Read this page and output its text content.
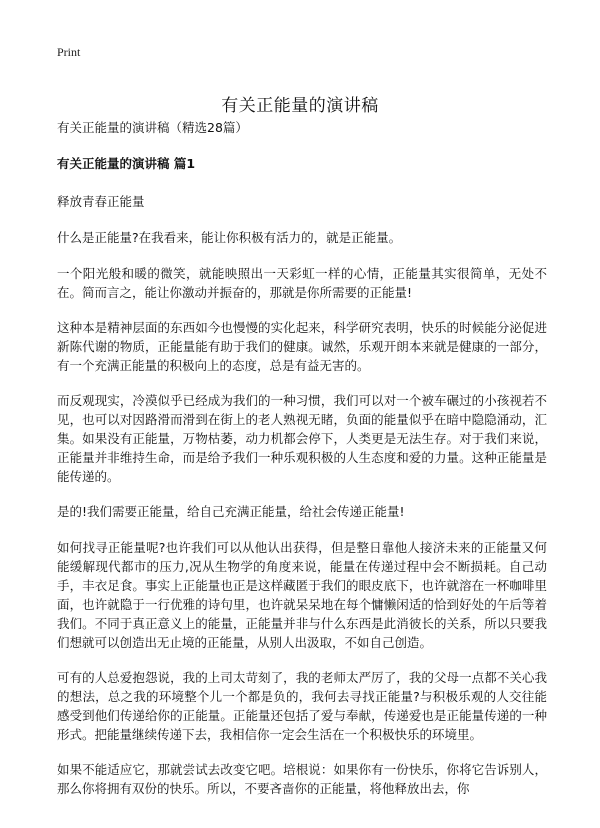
Print
有关正能量的演讲稿

有关正能量的演讲稿（精选28篇）

有关正能量的演讲稿 篇1

释放青春正能量

什么是正能量?在我看来，能让你积极有活力的，就是正能量。

一个阳光般和暖的微笑，就能映照出一天彩虹一样的心情，正能量其实很简单，无处不在。简而言之，能让你激动并振奋的，那就是你所需要的正能量!

这种本是精神层面的东西如今也慢慢的实化起来，科学研究表明，快乐的时候能分泌促进新陈代谢的物质，正能量能有助于我们的健康。诚然，乐观开朗本来就是健康的一部分，有一个充满正能量的积极向上的态度，总是有益无害的。

而反观现实，冷漠似乎已经成为我们的一种习惯，我们可以对一个被车碾过的小孩视若不见，也可以对因路滑而滑到在街上的老人熟视无睹，负面的能量似乎在暗中隐隐涌动，汇集。如果没有正能量，万物枯萎，动力机都会停下，人类更是无法生存。对于我们来说，正能量并非维持生命，而是给予我们一种乐观积极的人生态度和爱的力量。这种正能量是能传递的。

是的!我们需要正能量，给自己充满正能量，给社会传递正能量!

如何找寻正能量呢?也许我们可以从他认出获得，但是整日靠他人接济未来的正能量又何能缓解现代都市的压力,况从生物学的角度来说，能量在传递过程中会不断损耗。自己动手，丰衣足食。事实上正能量也正是这样藏匿于我们的眼皮底下，也许就溶在一杯咖啡里面，也许就隐于一行优雅的诗句里，也许就呆呆地在每个慵懒闲适的恰到好处的午后等着我们。不同于真正意义上的能量，正能量并非与什么东西是此消彼长的关系，所以只要我们想就可以创造出无止境的正能量，从别人出汲取，不如自己创造。

可有的人总爱抱怨说，我的上司太苛刻了，我的老师太严厉了，我的父母一点都不关心我的想法，总之我的环境整个儿一个都是负的，我何去寻找正能量?与积极乐观的人交往能感受到他们传递给你的正能量。正能量还包括了爱与奉献，传递爱也是正能量传递的一种形式。把能量继续传递下去，我相信你一定会生活在一个积极快乐的环境里。

如果不能适应它，那就尝试去改变它吧。培根说：如果你有一份快乐，你将它告诉别人，那么你将拥有双份的快乐。所以，不要吝啬你的正能量，将他释放出去，你
